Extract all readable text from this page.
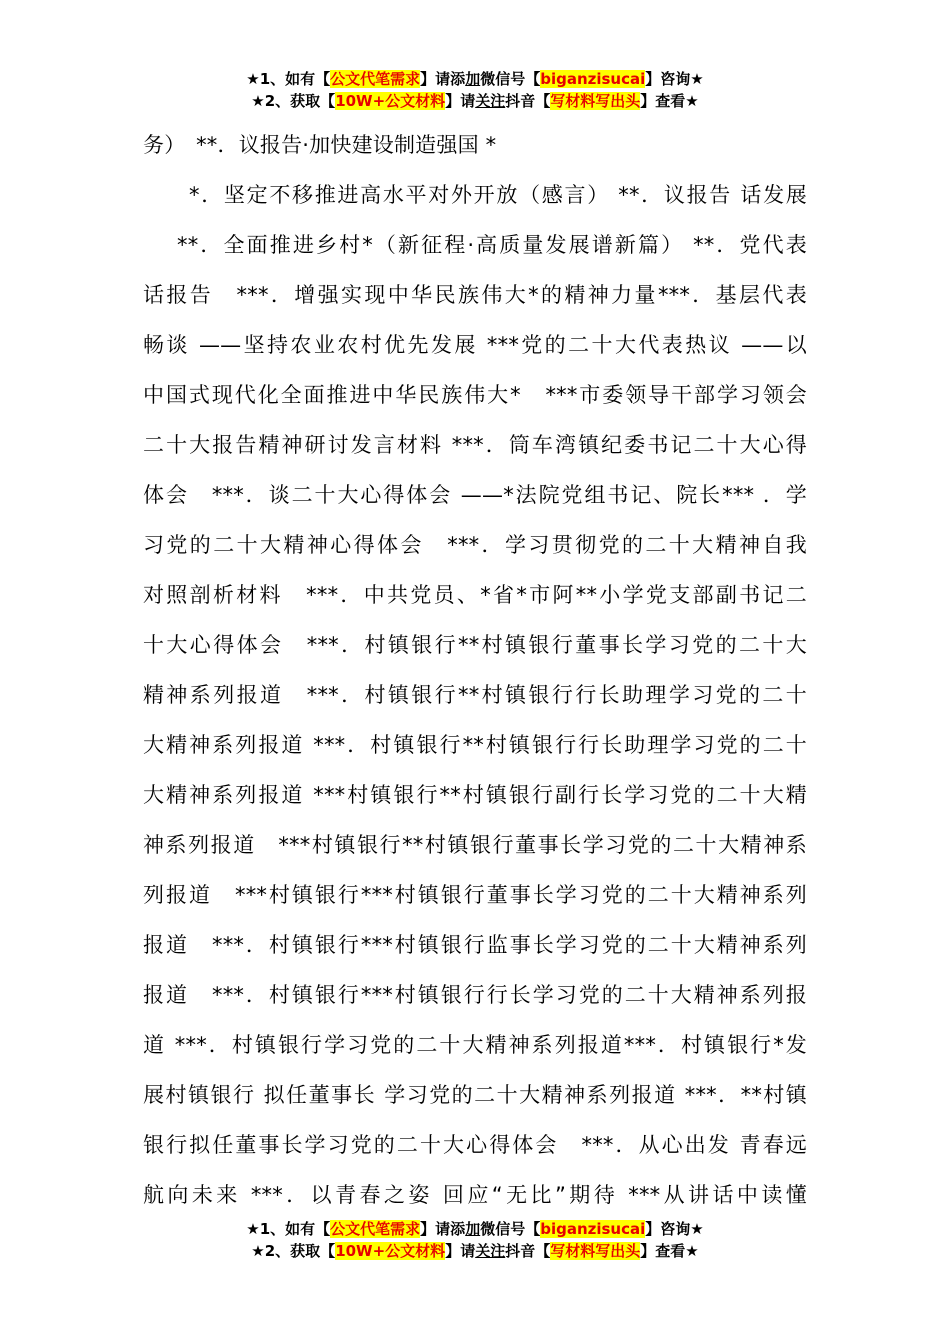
★1、如有【公文代笔需求】请添加微信号【biganzisucai】咨询★
★2、获取【10W+公文材料】请关注抖音【写材料写出头】查看★
务）　**．议报告·加快建设制造强国 *
*．坚定不移推进高水平对外开放（感言） **．议报告 话发展
**．全面推进乡村*（新征程·高质量发展谱新篇） **．党代表
话报告　***．增强实现中华民族伟大*的精神力量***．基层代表
畅谈 ——坚持农业农村优先发展 ***党的二十大代表热议 ——以
中国式现代化全面推进中华民族伟大*　***市委领导干部学习领会
二十大报告精神研讨发言材料 ***．筒车湾镇纪委书记二十大心得
体会　***．谈二十大心得体会 ——*法院党组书记、院长*** ．学
习党的二十大精神心得体会　***．学习贯彻党的二十大精神自我
对照剖析材料　***．中共党员、*省*市阿**小学党支部副书记二
十大心得体会　***．村镇银行**村镇银行董事长学习党的二十大
精神系列报道　***．村镇银行**村镇银行行长助理学习党的二十
大精神系列报道 ***．村镇银行**村镇银行行长助理学习党的二十
大精神系列报道 ***村镇银行**村镇银行副行长学习党的二十大精
神系列报道　***村镇银行**村镇银行董事长学习党的二十大精神系
列报道　***村镇银行***村镇银行董事长学习党的二十大精神系列
报道　***．村镇银行***村镇银行监事长学习党的二十大精神系列
报道　***．村镇银行***村镇银行行长学习党的二十大精神系列报
道 ***．村镇银行学习党的二十大精神系列报道***．村镇银行*发
展村镇银行 拟任董事长 学习党的二十大精神系列报道 ***．**村镇
银行拟任董事长学习党的二十大心得体会　***．从心出发 青春远
航向未来 ***．以青春之姿 回应“无比”期待 ***从讲话中读懂
★1、如有【公文代笔需求】请添加微信号【biganzisucai】咨询★
★2、获取【10W+公文材料】请关注抖音【写材料写出头】查看★
